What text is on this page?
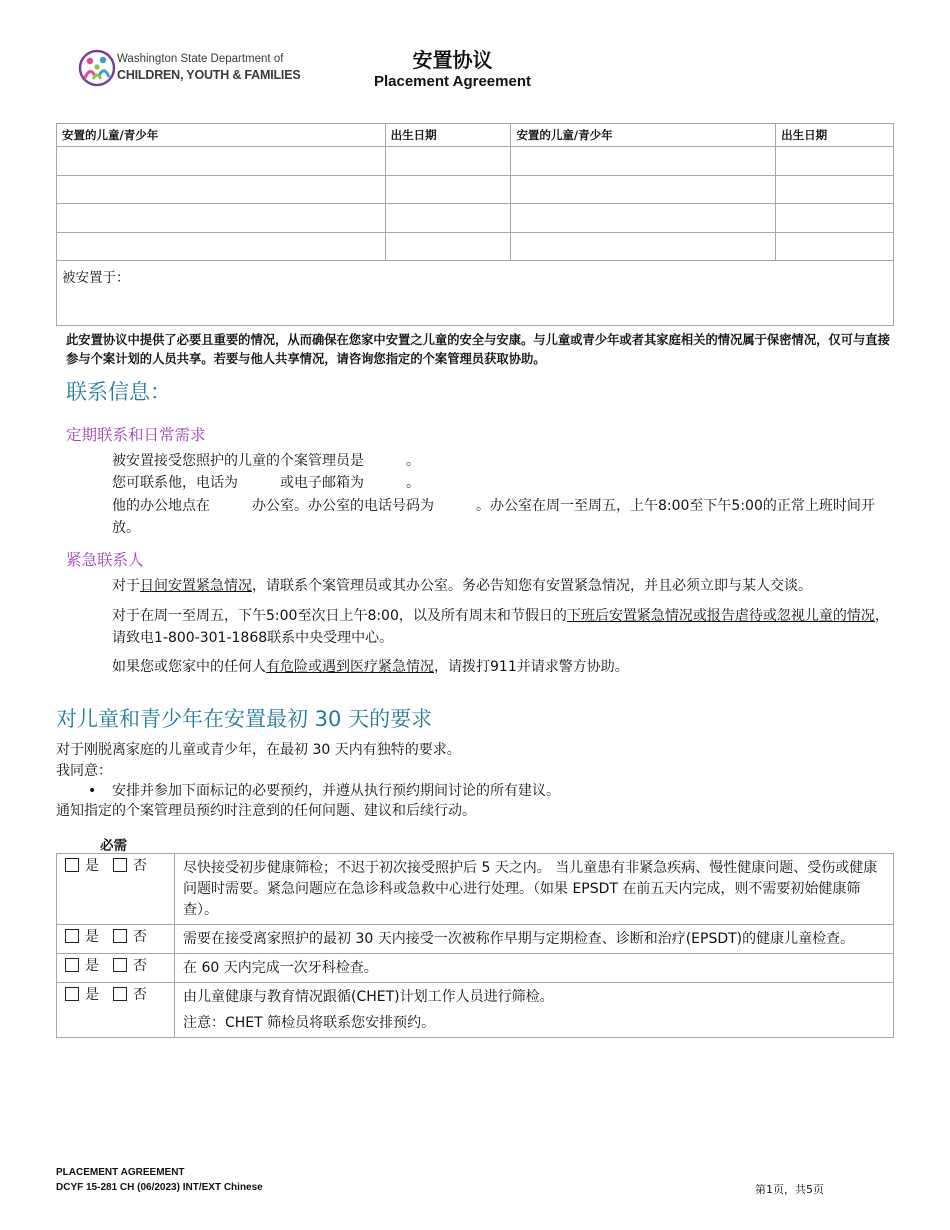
Washington State Department of
CHILDREN, YOUTH & FAMILIES
安置协议
Placement Agreement
安置的儿童/青少年	出生日期	安置的儿童/青少年	出生日期

被安置于：			
此安置协议中提供了必要且重要的情况，从而确保在您家中安置之儿童的安全与安康。与儿童或青少年或者其家庭相关的情况属于保密情况，仅可与直接参与个案计划的人员共享。若要与他人共享情况，请咨询您指定的个案管理员获取协助。
联系信息：
定期联系和日常需求
被安置接受您照护的儿童的个案管理员是　　　。
您可联系他，电话为　　　或电子邮箱为　　　。
他的办公地点在　　　办公室。办公室的电话号码为　　　。办公室在周一至周五，上午8:00至下午5:00的正常上班时间开放。
紧急联系人
对于日间安置紧急情况，请联系个案管理员或其办公室。务必告知您有安置紧急情况，并且必须立即与某人交谈。
对于在周一至周五，下午5:00至次日上午8:00，以及所有周末和节假日的下班后安置紧急情况或报告虐待或忽视儿童的情况，请致电1-800-301-1868联系中央受理中心。
如果您或您家中的任何人有危险或遇到医疗紧急情况，请拨打911并请求警方协助。
对儿童和青少年在安置最初 30 天的要求
对于刚脱离家庭的儿童或青少年，在最初 30 天内有独特的要求。
我同意：
• 安排并参加下面标记的必要预约，并遵从执行预约期间讨论的所有建议。
通知指定的个案管理员预约时注意到的任何问题、建议和后续行动。
必需
是 否	尽快接受初步健康筛检；不迟于初次接受照护后 5 天之内。 当儿童患有非紧急疾病、慢性健康问题、受伤或健康问题时需要。紧急问题应在急诊科或急救中心进行处理。（如果 EPSDT 在前五天内完成，则不需要初始健康筛查）。
是 否	需要在接受离家照护的最初 30 天内接受一次被称作早期与定期检查、诊断和治疗(EPSDT)的健康儿童检查。
是 否	在 60 天内完成一次牙科检查。
是 否	由儿童健康与教育情况跟循(CHET)计划工作人员进行筛检。
注意：CHET 筛检员将联系您安排预约。
PLACEMENT AGREEMENT
DCYF 15-281 CH (06/2023) INT/EXT Chinese	第1页，共5页
